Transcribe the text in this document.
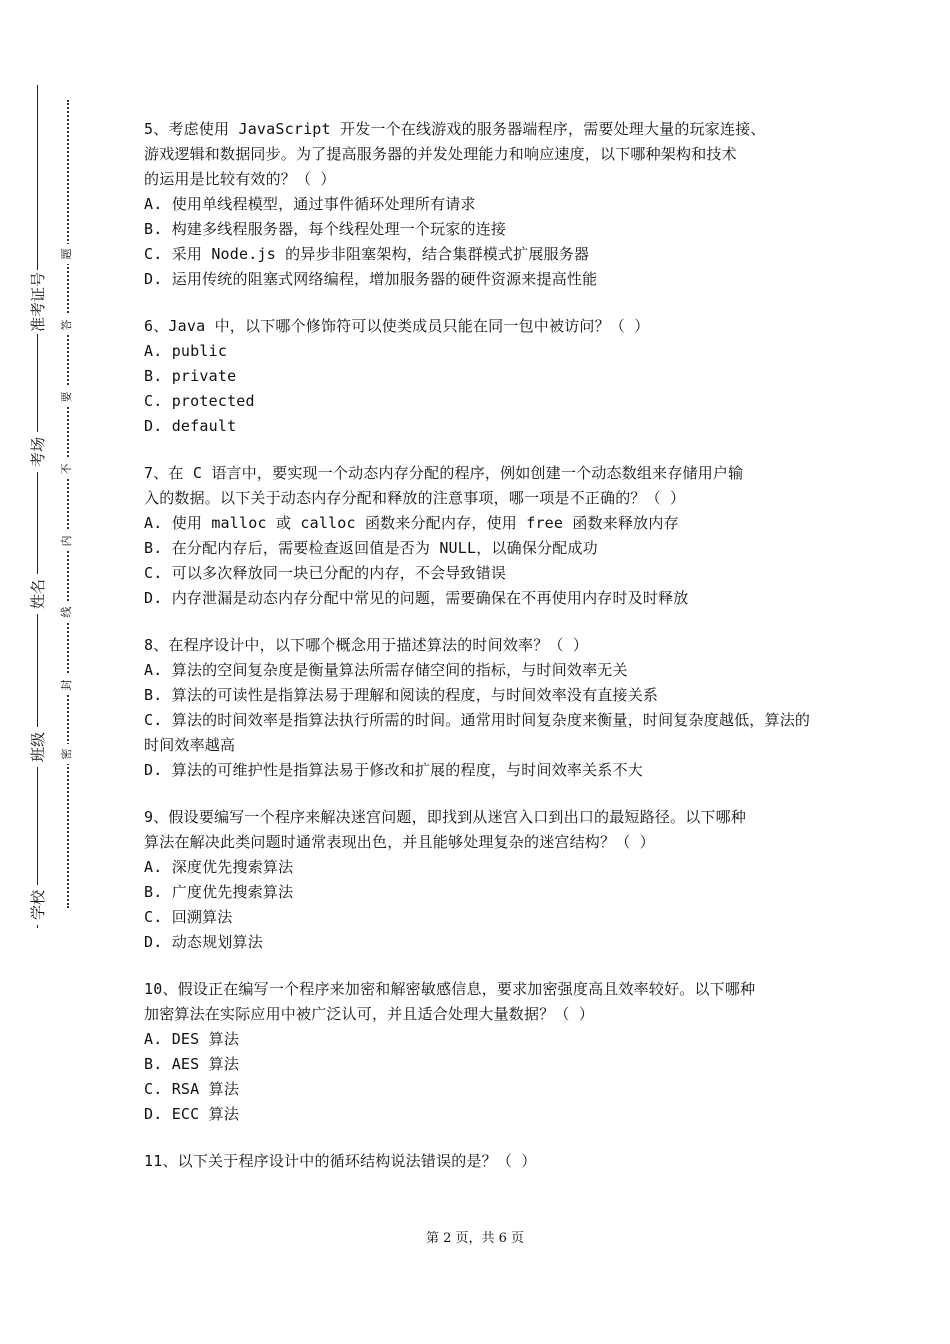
学校
班级
姓名
考场
准考证号
密
封
线
内
不
要
答
题

5、考虑使用 JavaScript 开发一个在线游戏的服务器端程序，需要处理大量的玩家连接、

游戏逻辑和数据同步。为了提高服务器的并发处理能力和响应速度，以下哪种架构和技术

的运用是比较有效的？（ ）

A. 使用单线程模型，通过事件循环处理所有请求

B. 构建多线程服务器，每个线程处理一个玩家的连接

C. 采用 Node.js 的异步非阻塞架构，结合集群模式扩展服务器

D. 运用传统的阻塞式网络编程，增加服务器的硬件资源来提高性能

6、Java 中，以下哪个修饰符可以使类成员只能在同一包中被访问？（ ）

A. public

B. private

C. protected

D. default

7、在 C 语言中，要实现一个动态内存分配的程序，例如创建一个动态数组来存储用户输

入的数据。以下关于动态内存分配和释放的注意事项，哪一项是不正确的？（ ）

A. 使用 malloc 或 calloc 函数来分配内存，使用 free 函数来释放内存

B. 在分配内存后，需要检查返回值是否为 NULL，以确保分配成功

C. 可以多次释放同一块已分配的内存，不会导致错误

D. 内存泄漏是动态内存分配中常见的问题，需要确保在不再使用内存时及时释放

8、在程序设计中，以下哪个概念用于描述算法的时间效率？（ ）

A. 算法的空间复杂度是衡量算法所需存储空间的指标，与时间效率无关

B. 算法的可读性是指算法易于理解和阅读的程度，与时间效率没有直接关系

C. 算法的时间效率是指算法执行所需的时间。通常用时间复杂度来衡量，时间复杂度越低，算法的时间效率越高

D. 算法的可维护性是指算法易于修改和扩展的程度，与时间效率关系不大

9、假设要编写一个程序来解决迷宫问题，即找到从迷宫入口到出口的最短路径。以下哪种

算法在解决此类问题时通常表现出色，并且能够处理复杂的迷宫结构？（ ）

A. 深度优先搜索算法

B. 广度优先搜索算法

C. 回溯算法

D. 动态规划算法

10、假设正在编写一个程序来加密和解密敏感信息，要求加密强度高且效率较好。以下哪种

加密算法在实际应用中被广泛认可，并且适合处理大量数据？（ ）

A. DES 算法

B. AES 算法

C. RSA 算法

D. ECC 算法

11、以下关于程序设计中的循环结构说法错误的是？（ ）

第 2 页，共 6 页
